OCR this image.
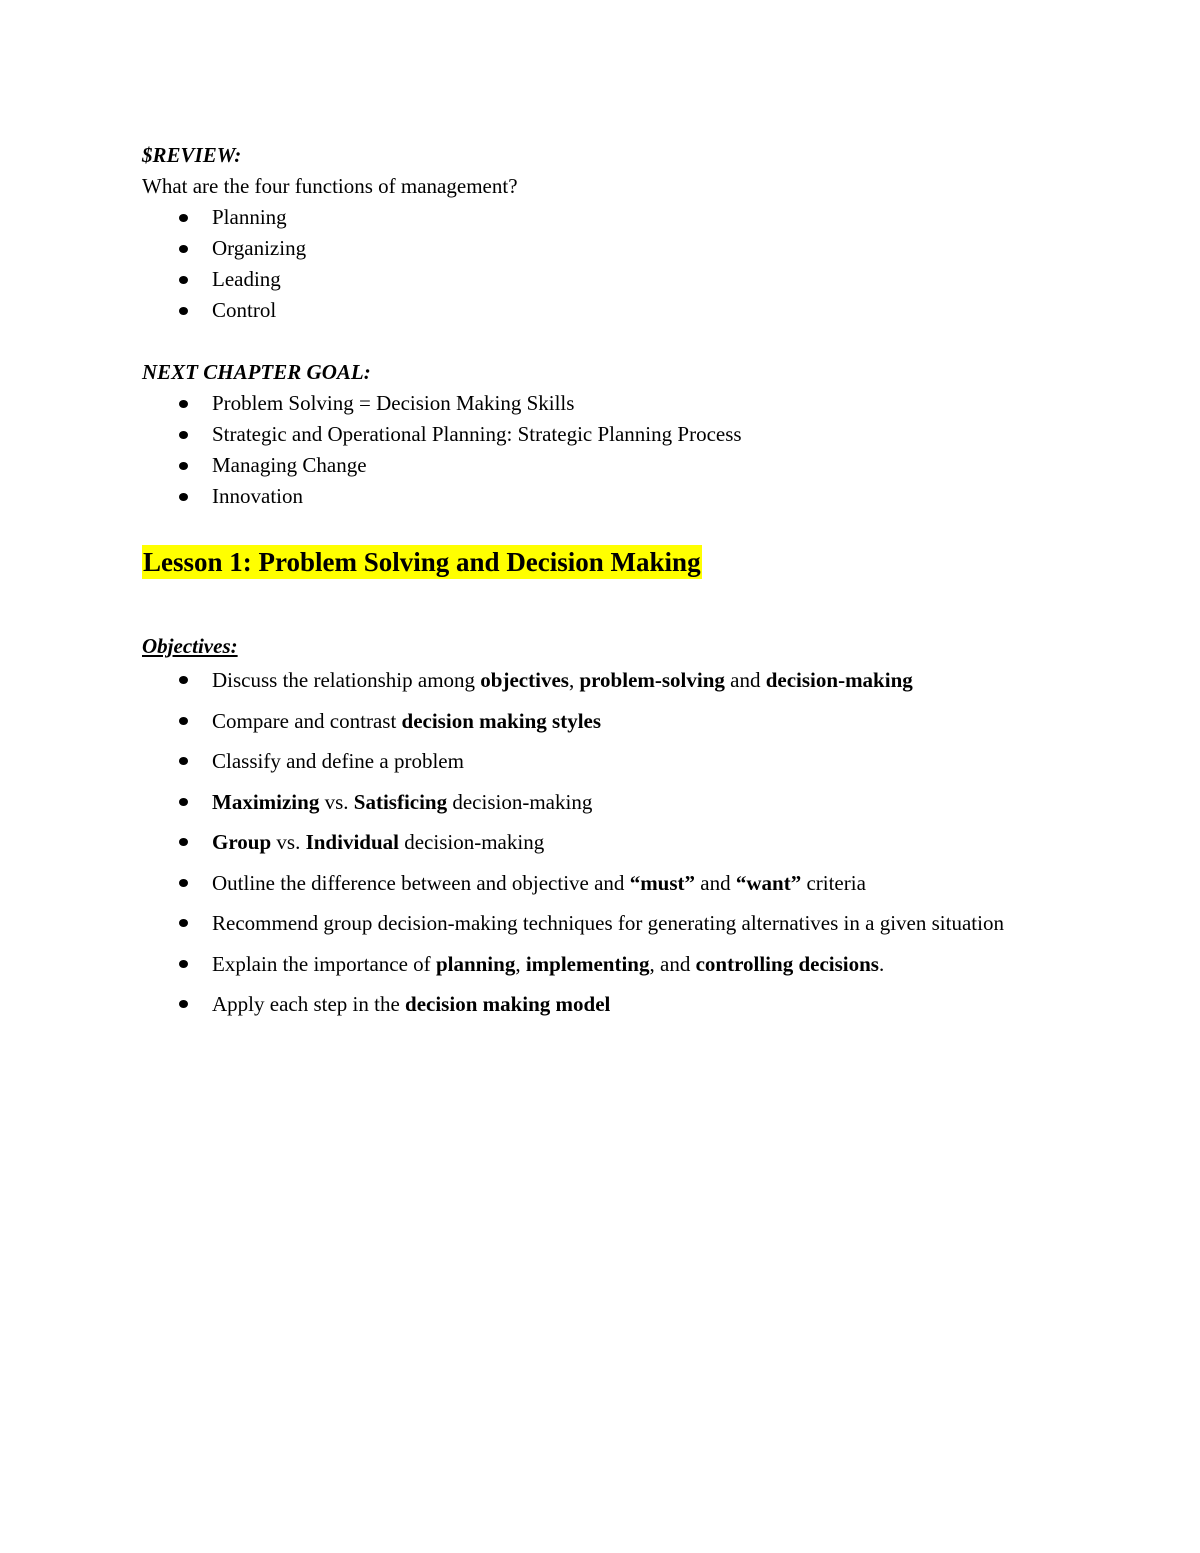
$REVIEW:
What are the four functions of management?
Planning
Organizing
Leading
Control
NEXT CHAPTER GOAL:
Problem Solving = Decision Making Skills
Strategic and Operational Planning: Strategic Planning Process
Managing Change
Innovation
Lesson 1: Problem Solving and Decision Making
Objectives:
Discuss the relationship among objectives, problem-solving and decision-making
Compare and contrast decision making styles
Classify and define a problem
Maximizing vs. Satisficing decision-making
Group vs. Individual decision-making
Outline the difference between and objective and “must” and “want” criteria
Recommend group decision-making techniques for generating alternatives in a given situation
Explain the importance of planning, implementing, and controlling decisions.
Apply each step in the decision making model
